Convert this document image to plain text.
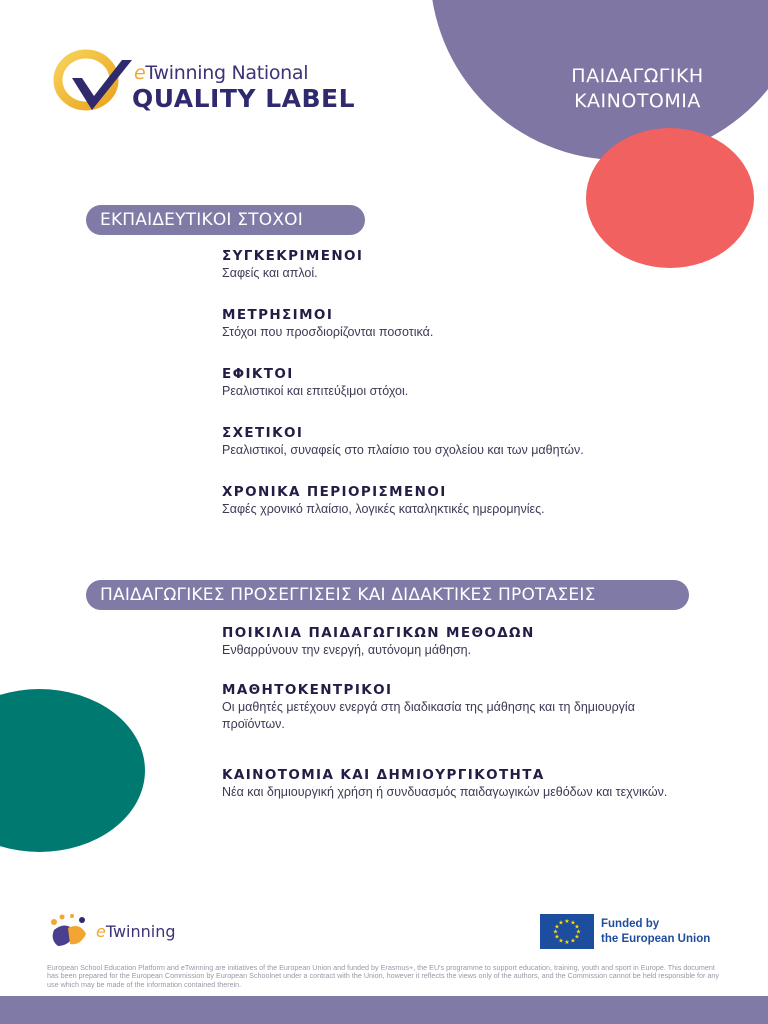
ΠΑΙΔΑΓΩΓΙΚΗ
ΚΑΙΝΟΤΟΜΙΑ
eTwinning National
QUALITY LABEL
ΕΚΠΑΙΔΕΥΤΙΚΟΙ ΣΤΟΧΟΙ
ΣΥΓΚΕΚΡΙΜΕΝΟΙ
Σαφείς και απλοί.
ΜΕΤΡΗΣΙΜΟΙ
Στόχοι που προσδιορίζονται ποσοτικά.
ΕΦΙΚΤΟΙ
Ρεαλιστικοί και επιτεύξιμοι στόχοι.
ΣΧΕΤΙΚΟΙ
Ρεαλιστικοί, συναφείς στο πλαίσιο του σχολείου και των μαθητών.
ΧΡΟΝΙΚΑ ΠΕΡΙΟΡΙΣΜΕΝΟΙ
Σαφές χρονικό πλαίσιο, λογικές καταληκτικές ημερομηνίες.
ΠΑΙΔΑΓΩΓΙΚΕΣ ΠΡΟΣΕΓΓΙΣΕΙΣ ΚΑΙ ΔΙΔΑΚΤΙΚΕΣ ΠΡΟΤΑΣΕΙΣ
ΠΟΙΚΙΛΙΑ ΠΑΙΔΑΓΩΓΙΚΩΝ ΜΕΘΟΔΩΝ
Ενθαρρύνουν την ενεργή, αυτόνομη μάθηση.
ΜΑΘΗΤΟΚΕΝΤΡΙΚΟΙ
Οι μαθητές μετέχουν ενεργά στη διαδικασία της μάθησης και τη δημιουργία προϊόντων.
ΚΑΙΝΟΤΟΜΙΑ ΚΑΙ ΔΗΜΙΟΥΡΓΙΚΟΤΗΤΑ
Νέα και δημιουργική χρήση ή συνδυασμός παιδαγωγικών μεθόδων και τεχνικών.
eTwinning
★ ★
★
★
★
★
★
★
★
★
★
★	Funded by
the European Union
European School Education Platform and eTwinning are initiatives of the European Union and funded by Erasmus+, the EU's programme to support education, training, youth and sport in Europe. This document has been prepared for the European Commission by European Schoolnet under a contract with the Union, however it reflects the views only of the authors, and the Commission cannot be held responsible for any use which may be made of the information contained therein.
